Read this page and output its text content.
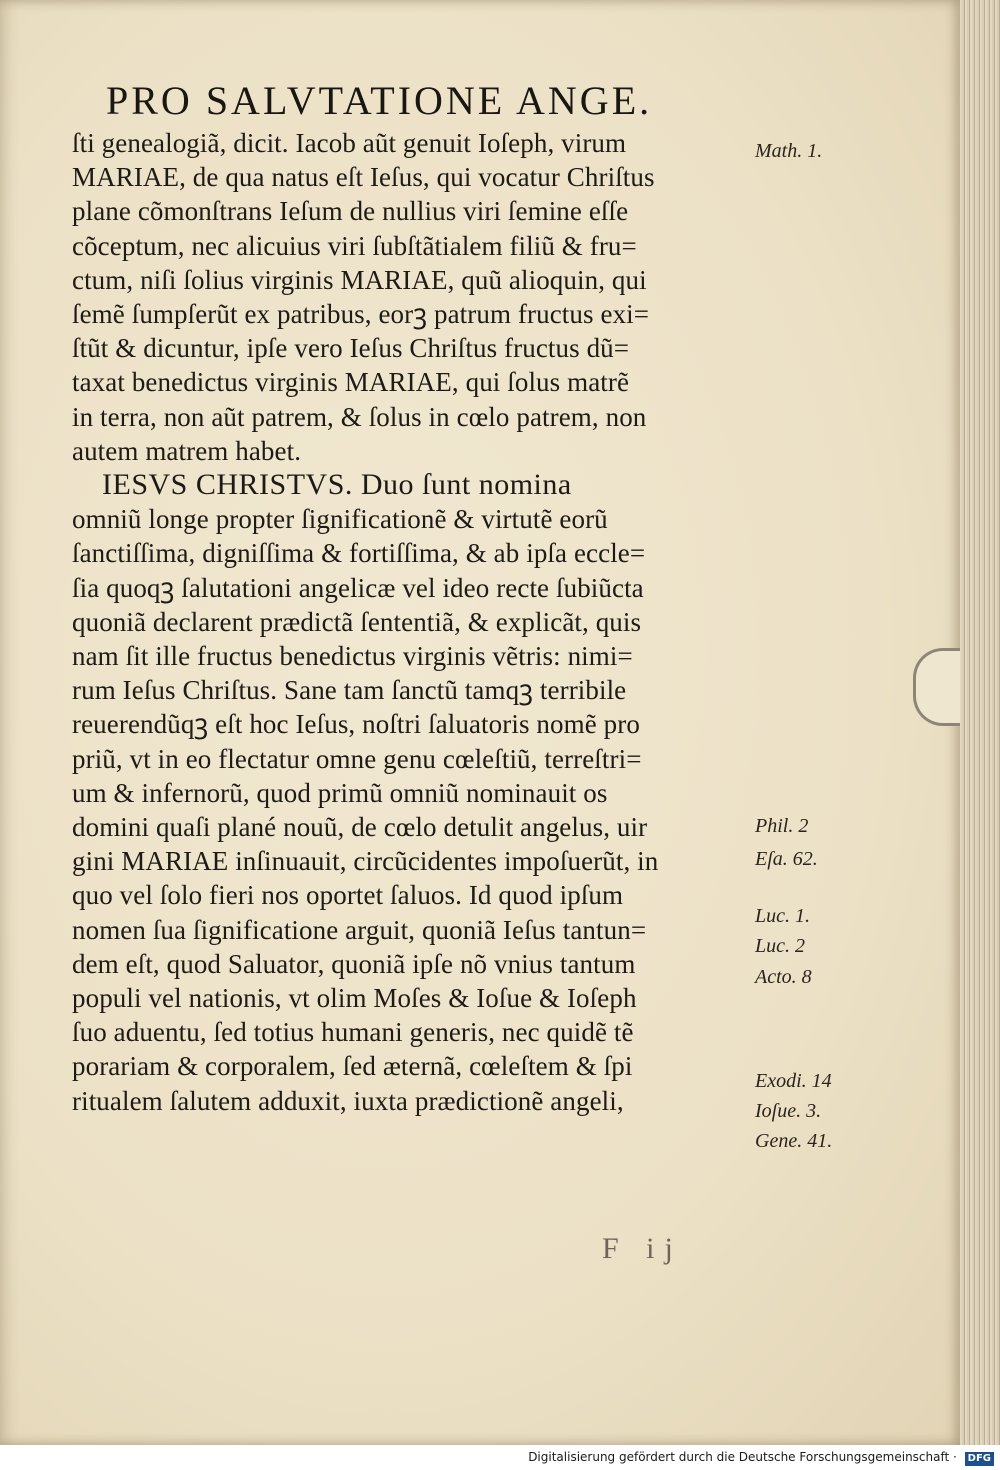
PRO SALVTATIONE ANGE.
ſti genealogiã, dicit. Iacob aũt genuit Ioſeph, virum
MARIAE, de qua natus eſt Ieſus, qui vocatur Chriſtus
plane cõmonſtrans Ieſum de nullius viri ſemine eſſe
cõceptum, nec alicuius viri ſubſtãtialem filiũ & fru=
ctum, niſi ſolius virginis MARIAE, quũ alioquin, qui
ſemẽ ſumpſerũt ex patribus, eorꝫ patrum fructus exi=
ſtũt & dicuntur, ipſe vero Ieſus Chriſtus fructus dũ=
taxat benedictus virginis MARIAE, qui ſolus matrẽ
in terra, non aũt patrem, & ſolus in cœlo patrem, non
autem matrem habet.
IESVS CHRISTVS. Duo ſunt nomina
omniũ longe propter ſignificationẽ & virtutẽ eorũ
ſanctiſſima, digniſſima & fortiſſima, & ab ipſa eccle=
ſia quoqꝫ ſalutationi angelicæ vel ideo recte ſubiũcta
quoniã declarent prædictã ſententiã, & explicãt, quis
nam ſit ille fructus benedictus virginis vẽtris: nimi=
rum Ieſus Chriſtus. Sane tam ſanctũ tamqꝫ terribile
reuerendũqꝫ eſt hoc Ieſus, noſtri ſaluatoris nomẽ pro
priũ, vt in eo flectatur omne genu cœleſtiũ, terreſtri=
um & infernorũ, quod primũ omniũ nominauit os
domini quaſi plané nouũ, de cœlo detulit angelus, uir
gini MARIAE inſinuauit, circũcidentes impoſuerũt, in
quo vel ſolo fieri nos oportet ſaluos. Id quod ipſum
nomen ſua ſignificatione arguit, quoniã Ieſus tantun=
dem eſt, quod Saluator, quoniã ipſe nõ vnius tantum
populi vel nationis, vt olim Moſes & Ioſue & Ioſeph
ſuo aduentu, ſed totius humani generis, nec quidẽ tẽ
porariam & corporalem, ſed æternã, cœleſtem & ſpi
ritualem ſalutem adduxit, iuxta prædictionẽ angeli,
Math. 1.
Phil. 2
Eſa. 62.
Luc. 1.
Luc. 2
Acto. 8
Exodi. 14
Ioſue. 3.
Gene. 41.
F ij
Digitalisierung gefördert durch die Deutsche Forschungsgemeinschaft · DFG
